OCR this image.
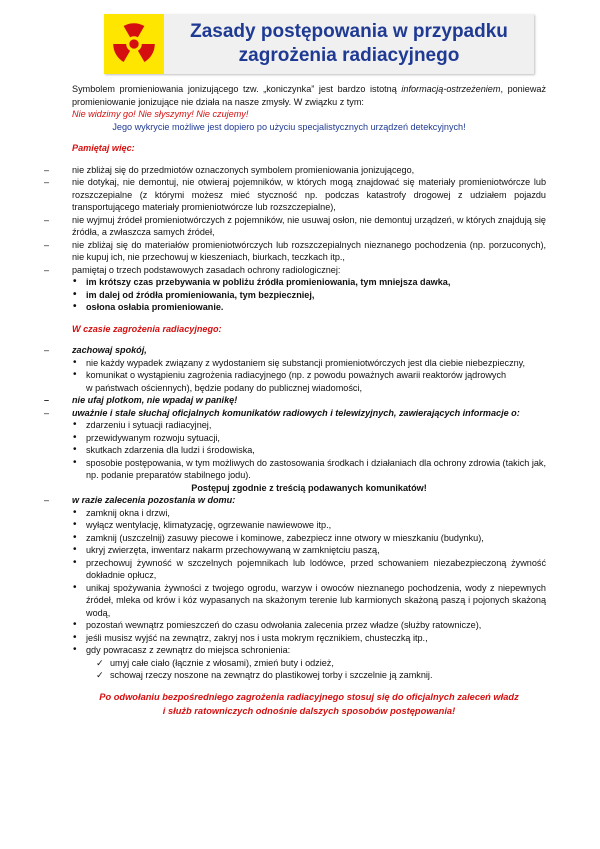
Zasady postępowania w przypadku
zagrożenia radiacyjnego

Symbolem promieniowania jonizującego tzw. „koniczynka” jest bardzo istotną informacją-ostrzeżeniem, ponieważ promieniowanie jonizujące nie działa na nasze zmysły. W związku z tym:

Nie widzimy go! Nie słyszymy! Nie czujemy!

Jego wykrycie możliwe jest dopiero po użyciu specjalistycznych urządzeń detekcyjnych!

Pamiętaj więc:

– nie zbliżaj się do przedmiotów oznaczonych symbolem promieniowania jonizującego,
– nie dotykaj, nie demontuj, nie otwieraj pojemników, w których mogą znajdować się materiały promieniotwórcze lub rozszczepialne (z którymi możesz mieć styczność np. podczas katastrofy drogowej z udziałem pojazdu transportującego materiały promieniotwórcze lub rozszczepialne),
– nie wyjmuj źródeł promieniotwórczych z pojemników, nie usuwaj osłon, nie demontuj urządzeń, w których znajdują się źródła, a zwłaszcza samych źródeł,
– nie zbliżaj się do materiałów promieniotwórczych lub rozszczepialnych nieznanego pochodzenia (np. porzuconych), nie kupuj ich, nie przechowuj w kieszeniach, biurkach, teczkach itp.,
– pamiętaj o trzech podstawowych zasadach ochrony radiologicznej:
• im krótszy czas przebywania w pobliżu źródła promieniowania, tym mniejsza dawka,
• im dalej od źródła promieniowania, tym bezpieczniej,
• osłona osłabia promieniowanie.

W czasie zagrożenia radiacyjnego:

– zachowaj spokój,
• nie każdy wypadek związany z wydostaniem się substancji promieniotwórczych jest dla ciebie niebezpieczny,
• komunikat o wystąpieniu zagrożenia radiacyjnego (np. z powodu poważnych awarii reaktorów jądrowych
w państwach ościennych), będzie podany do publicznej wiadomości,
– nie ufaj plotkom, nie wpadaj w panikę!
– uważnie i stale słuchaj oficjalnych komunikatów radiowych i telewizyjnych, zawierających informacje o:
• zdarzeniu i sytuacji radiacyjnej,
• przewidywanym rozwoju sytuacji,
• skutkach zdarzenia dla ludzi i środowiska,
• sposobie postępowania, w tym możliwych do zastosowania środkach i działaniach dla ochrony zdrowia (takich jak, np. podanie preparatów stabilnego jodu).

Postępuj zgodnie z treścią podawanych komunikatów!

– w razie zalecenia pozostania w domu:
• zamknij okna i drzwi,
• wyłącz wentylację, klimatyzację, ogrzewanie nawiewowe itp.,
• zamknij (uszczelnij) zasuwy piecowe i kominowe, zabezpiecz inne otwory w mieszkaniu (budynku),
• ukryj zwierzęta, inwentarz nakarm przechowywaną w zamkniętciu paszą,
• przechowuj żywność w szczelnych pojemnikach lub lodówce, przed schowaniem niezabezpieczoną żywność dokładnie opłucz,
• unikaj spożywania żywności z twojego ogrodu, warzyw i owoców nieznanego pochodzenia, wody z niepewnych źródeł, mleka od krów i kóz wypasanych na skażonym terenie lub karmionych skażoną paszą i pojonych skażoną wodą,
• pozostań wewnątrz pomieszczeń do czasu odwołania zalecenia przez władze (służby ratownicze),
• jeśli musisz wyjść na zewnątrz, zakryj nos i usta mokrym ręcznikiem, chusteczką itp.,
• gdy powracasz z zewnątrz do miejsca schronienia:
✓ umyj całe ciało (łącznie z włosami), zmień buty i odzież,
✓ schowaj rzeczy noszone na zewnątrz do plastikowej torby i szczelnie ją zamknij.
Po odwołaniu bezpośredniego zagrożenia radiacyjnego stosuj się do oficjalnych zaleceń władz
i służb ratowniczych odnośnie dalszych sposobów postępowania!
